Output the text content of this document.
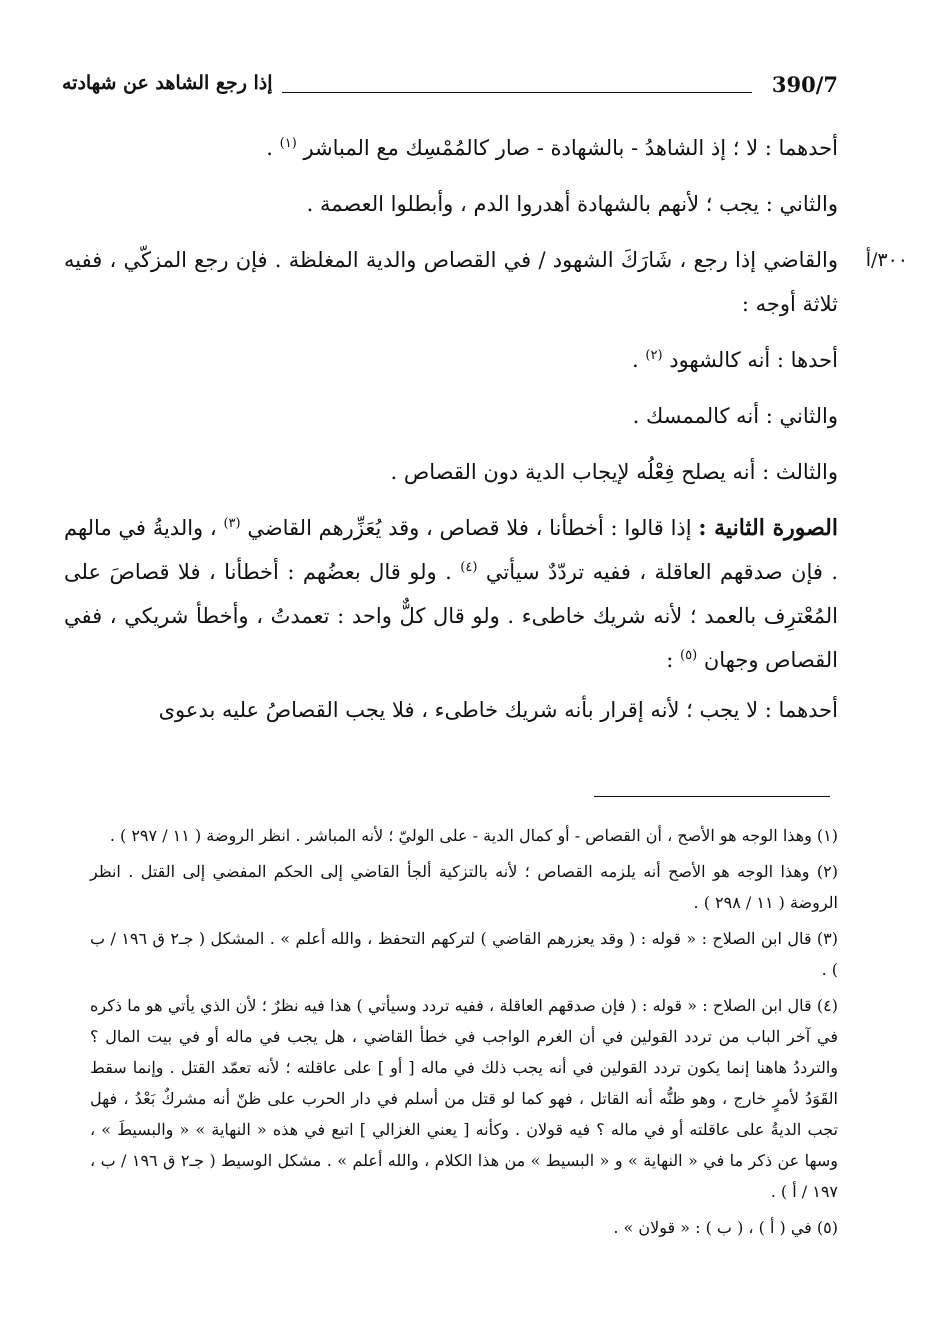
390/7
إذا رجع الشاهد عن شهادته

أحدهما : لا ؛ إذ الشاهدُ - بالشهادة - صار كالمُمْسِك مع المباشر $^{(١)}$ .

والثاني : يجب ؛ لأنهم بالشهادة أهدروا الدم ، وأبطلوا العصمة .

والقاضي إذا رجع ، شَارَكَ الشهود / في القصاص والدية المغلظة . فإن رجع المزكّي ، ففيه ثلاثة أوجه :
٣٠٠/أ

أحدها : أنه كالشهود $^{(٢)}$ .

والثاني : أنه كالممسك .

والثالث : أنه يصلح فِعْلُه لإيجاب الدية دون القصاص .

الصورة الثانية : إذا قالوا : أخطأنا ، فلا قصاص ، وقد يُعَزِّرهم القاضي $^{(٣)}$ ، والديةُ في مالهم . فإن صدقهم العاقلة ، ففيه تردّدٌ سيأتي $^{(٤)}$ . ولو قال بعضُهم : أخطأنا ، فلا قصاصَ على المُعْترِف بالعمد ؛ لأنه شريك خاطىء . ولو قال كلٌّ واحد : تعمدتُ ، وأخطأ شريكي ، ففي القصاص وجهان $^{(٥)}$ :

أحدهما : لا يجب ؛ لأنه إقرار بأنه شريك خاطىء ، فلا يجب القصاصُ عليه بدعوى

(١) وهذا الوجه هو الأصح ، أن القصاص - أو كمال الدية - على الوليّ ؛ لأنه المباشر . انظر الروضة ( ١١ / ٢٩٧ ) .

(٢) وهذا الوجه هو الأصح أنه يلزمه القصاص ؛ لأنه بالتزكية ألجأ القاضي إلى الحكم المفضي إلى القتل . انظر الروضة ( ١١ / ٢٩٨ ) .

(٣) قال ابن الصلاح : « قوله : ( وقد يعزرهم القاضي ) لتركهم التحفظ ، والله أعلم » . المشكل ( جـ٢ ق ١٩٦ / ب ) .

(٤) قال ابن الصلاح : « قوله : ( فإن صدقهم العاقلة ، ففيه تردد وسيأتي ) هذا فيه نظرٌ ؛ لأن الذي يأتي هو ما ذكره في آخر الباب من تردد القولين في أن الغرم الواجب في خطأ القاضي ، هل يجب في ماله أو في بيت المال ؟ والترددُ هاهنا إنما يكون تردد القولين في أنه يجب ذلك في ماله [ أو ] على عاقلته ؛ لأنه تعمّد القتل . وإنما سقط القَوَدُ لأمرٍ خارج ، وهو ظنُّه أنه القاتل ، فهو كما لو قتل من أسلم في دار الحرب على ظنّ أنه مشركٌ بَعْدُ ، فهل تجب الديةُ على عاقلته أو في ماله ؟ فيه قولان . وكأنه [ يعني الغزالي ] اتبع في هذه « النهاية » « والبسيطَ » ، وسها عن ذكر ما في « النهاية » و « البسيط » من هذا الكلام ، والله أعلم » . مشكل الوسيط ( جـ٢ ق ١٩٦ / ب ، ١٩٧ / أ ) .

(٥) في ( أ ) ، ( ب ) : « قولان » .
